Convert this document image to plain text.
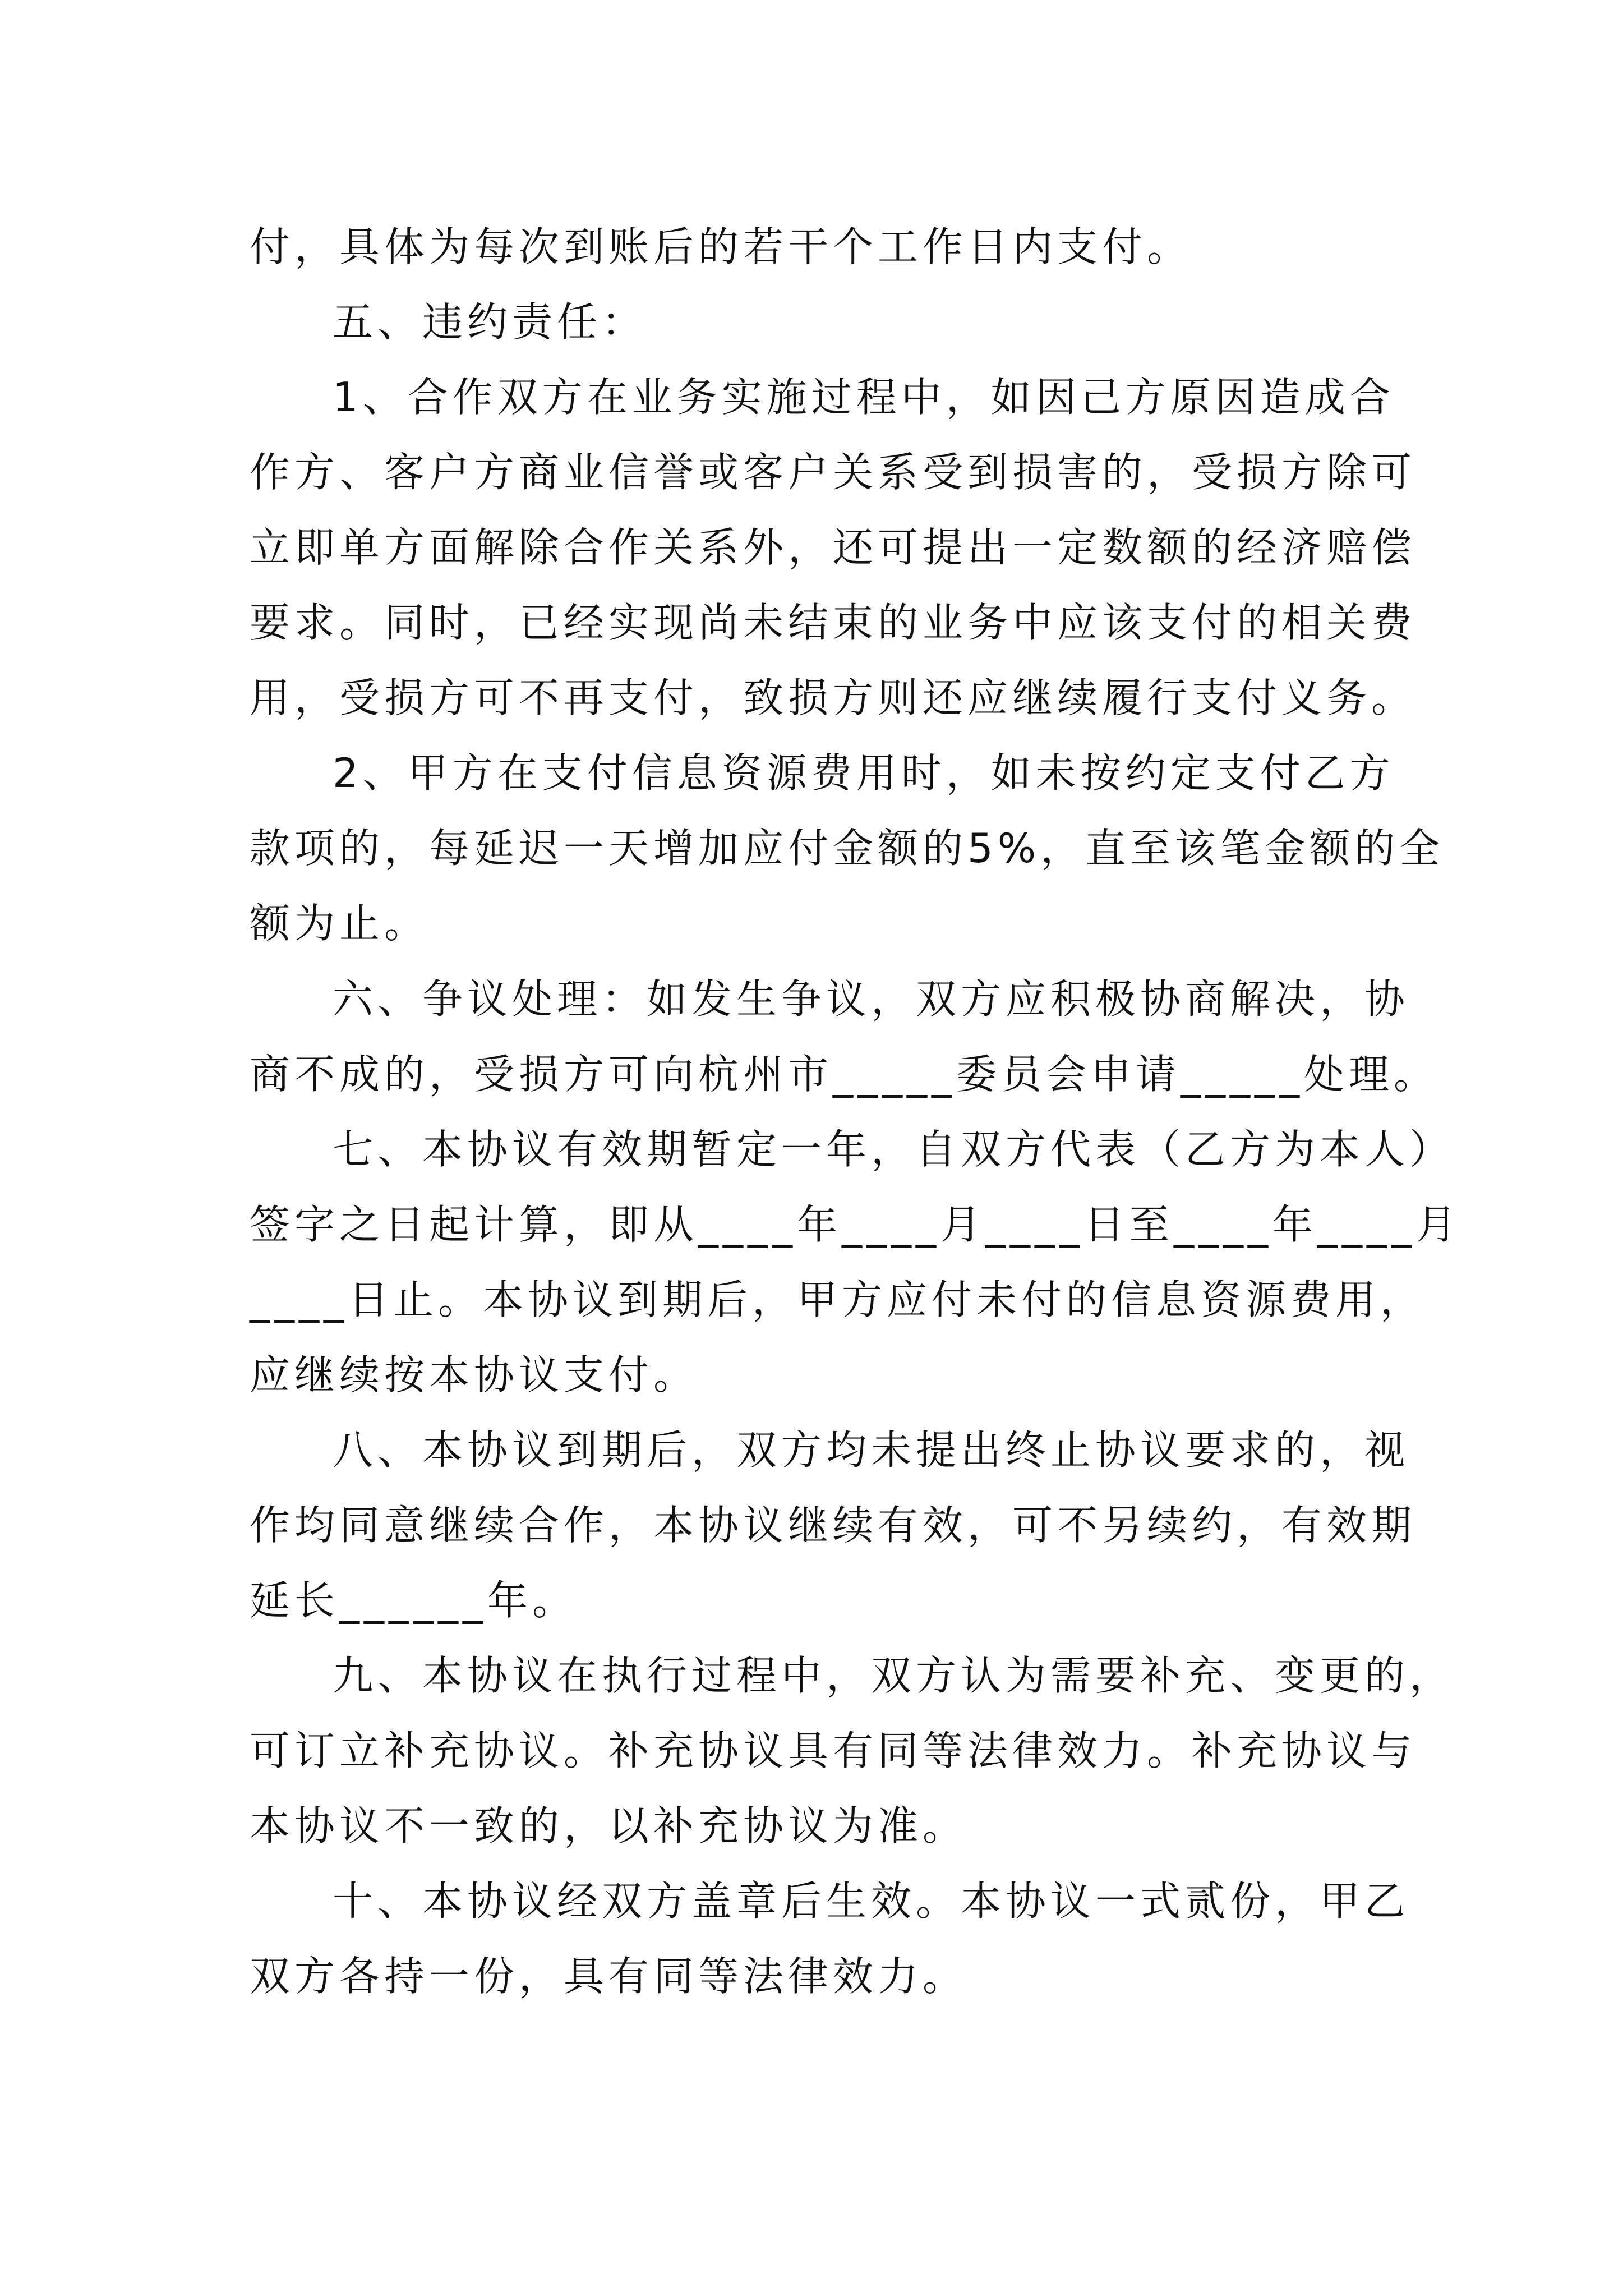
付，具体为每次到账后的若干个工作日内支付。
五、违约责任：
1、合作双方在业务实施过程中，如因己方原因造成合
作方、客户方商业信誉或客户关系受到损害的，受损方除可
立即单方面解除合作关系外，还可提出一定数额的经济赔偿
要求。同时，已经实现尚未结束的业务中应该支付的相关费
用，受损方可不再支付，致损方则还应继续履行支付义务。
2、甲方在支付信息资源费用时，如未按约定支付乙方
款项的，每延迟一天增加应付金额的5%，直至该笔金额的全
额为止。
六、争议处理：如发生争议，双方应积极协商解决，协
商不成的，受损方可向杭州市_____委员会申请_____处理。
七、本协议有效期暂定一年，自双方代表（乙方为本人）
签字之日起计算，即从____年____月____日至____年____月
____日止。本协议到期后，甲方应付未付的信息资源费用，
应继续按本协议支付。
八、本协议到期后，双方均未提出终止协议要求的，视
作均同意继续合作，本协议继续有效，可不另续约，有效期
延长______年。
九、本协议在执行过程中，双方认为需要补充、变更的，
可订立补充协议。补充协议具有同等法律效力。补充协议与
本协议不一致的，以补充协议为准。
十、本协议经双方盖章后生效。本协议一式贰份，甲乙
双方各持一份，具有同等法律效力。
